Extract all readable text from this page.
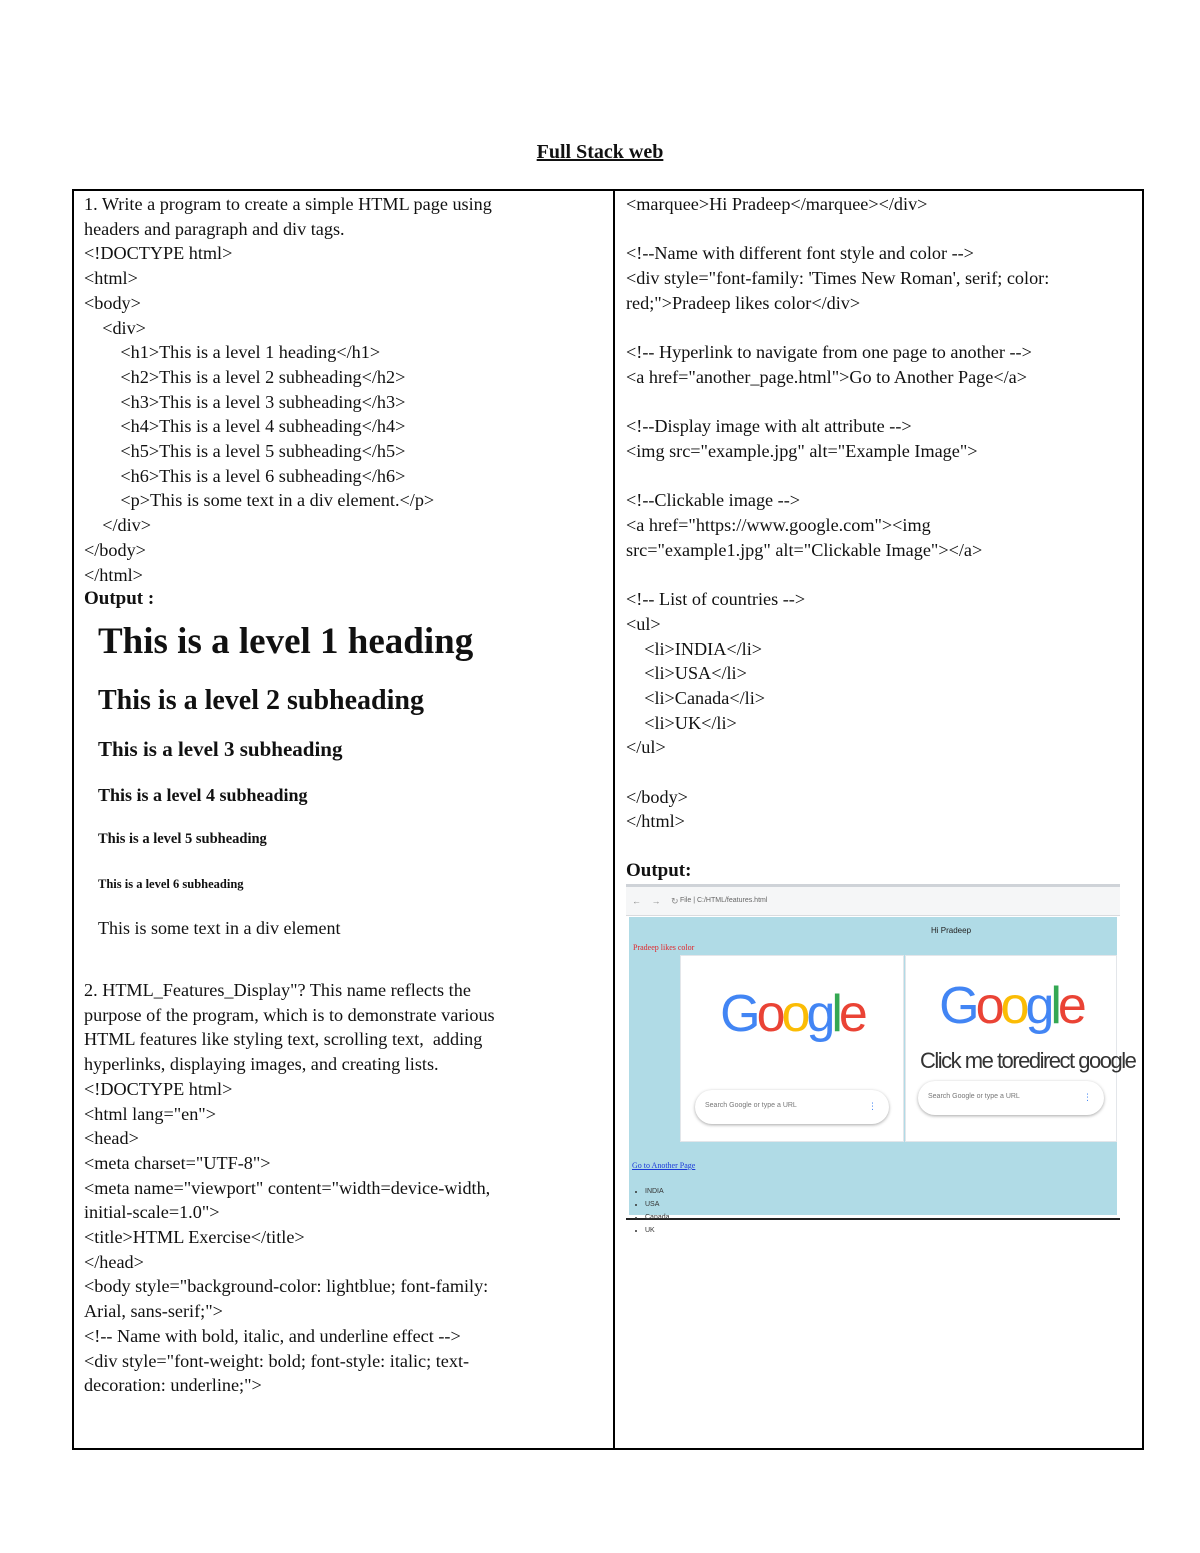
Full Stack web
1. Write a program to create a simple HTML page using
headers and paragraph and div tags.
<!DOCTYPE html>
<html>
<body>
<div>
<h1>This is a level 1 heading</h1>
<h2>This is a level 2 subheading</h2>
<h3>This is a level 3 subheading</h3>
<h4>This is a level 4 subheading</h4>
<h5>This is a level 5 subheading</h5>
<h6>This is a level 6 subheading</h6>
<p>This is some text in a div element.</p>
</div>
</body>
</html>
Output :
This is a level 1 heading
This is a level 2 subheading
This is a level 3 subheading
This is a level 4 subheading
This is a level 5 subheading
This is a level 6 subheading
This is some text in a div element
2. HTML_Features_Display"? This name reflects the
purpose of the program, which is to demonstrate various
HTML features like styling text, scrolling text,  adding
hyperlinks, displaying images, and creating lists.
<!DOCTYPE html>
<html lang="en">
<head>
<meta charset="UTF-8">
<meta name="viewport" content="width=device-width,
initial-scale=1.0">
<title>HTML Exercise</title>
</head>
<body style="background-color: lightblue; font-family:
Arial, sans-serif;">
<!-- Name with bold, italic, and underline effect -->
<div style="font-weight: bold; font-style: italic; text-
decoration: underline;">
<marquee>Hi Pradeep</marquee></div>
<!--Name with different font style and color -->
<div style="font-family: 'Times New Roman', serif; color:
red;">Pradeep likes color</div>
<!-- Hyperlink to navigate from one page to another -->
<a href="another_page.html">Go to Another Page</a>
<!--Display image with alt attribute -->
<img src="example.jpg" alt="Example Image">
<!--Clickable image -->
<a href="https://www.google.com"><img
src="example1.jpg" alt="Clickable Image"></a>
<!-- List of countries -->
<ul>
<li>INDIA</li>
<li>USA</li>
<li>Canada</li>
<li>UK</li>
</ul>
</body>
</html>
Output:
← → ↻
File | C:/HTML/features.html
Hi Pradeep
Pradeep likes color
Google
Search Google or type a URL	⋮
Google
Click me toredirect google
Search Google or type a URL	⋮
Go to Another Page
• INDIA
• USA
• Canada
• UK
